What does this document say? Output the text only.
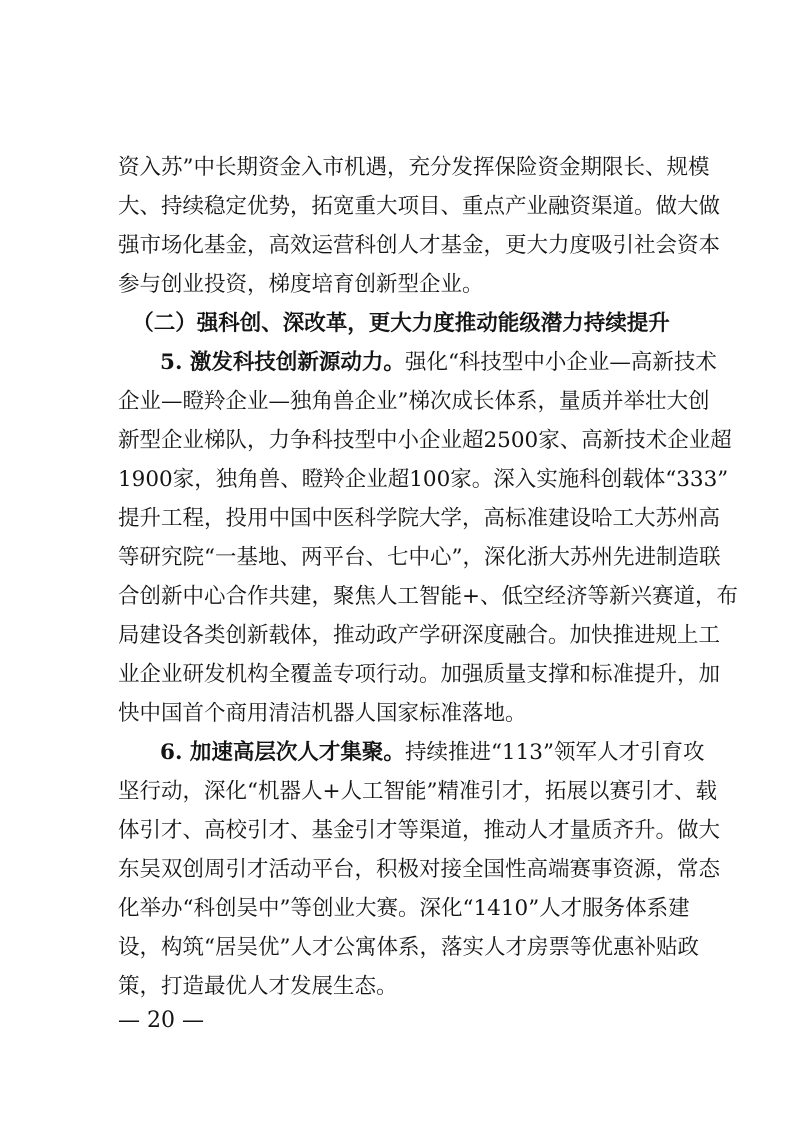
资入苏”中长期资金入市机遇，充分发挥保险资金期限长、规模
大、持续稳定优势，拓宽重大项目、重点产业融资渠道。做大做
强市场化基金，高效运营科创人才基金，更大力度吸引社会资本
参与创业投资，梯度培育创新型企业。
（二）强科创、深改革，更大力度推动能级潜力持续提升
5. 激发科技创新源动力。强化“科技型中小企业—高新技术
企业—瞪羚企业—独角兽企业”梯次成长体系，量质并举壮大创
新型企业梯队，力争科技型中小企业超2500家、高新技术企业超
1900家，独角兽、瞪羚企业超100家。深入实施科创载体“333”
提升工程，投用中国中医科学院大学，高标准建设哈工大苏州高
等研究院“一基地、两平台、七中心”，深化浙大苏州先进制造联
合创新中心合作共建，聚焦人工智能+、低空经济等新兴赛道，布
局建设各类创新载体，推动政产学研深度融合。加快推进规上工
业企业研发机构全覆盖专项行动。加强质量支撑和标准提升，加
快中国首个商用清洁机器人国家标准落地。
6. 加速高层次人才集聚。持续推进“113”领军人才引育攻
坚行动，深化“机器人+人工智能”精准引才，拓展以赛引才、载
体引才、高校引才、基金引才等渠道，推动人才量质齐升。做大
东吴双创周引才活动平台，积极对接全国性高端赛事资源，常态
化举办“科创吴中”等创业大赛。深化“1410”人才服务体系建
设，构筑“居吴优”人才公寓体系，落实人才房票等优惠补贴政
策，打造最优人才发展生态。
— 20 —
